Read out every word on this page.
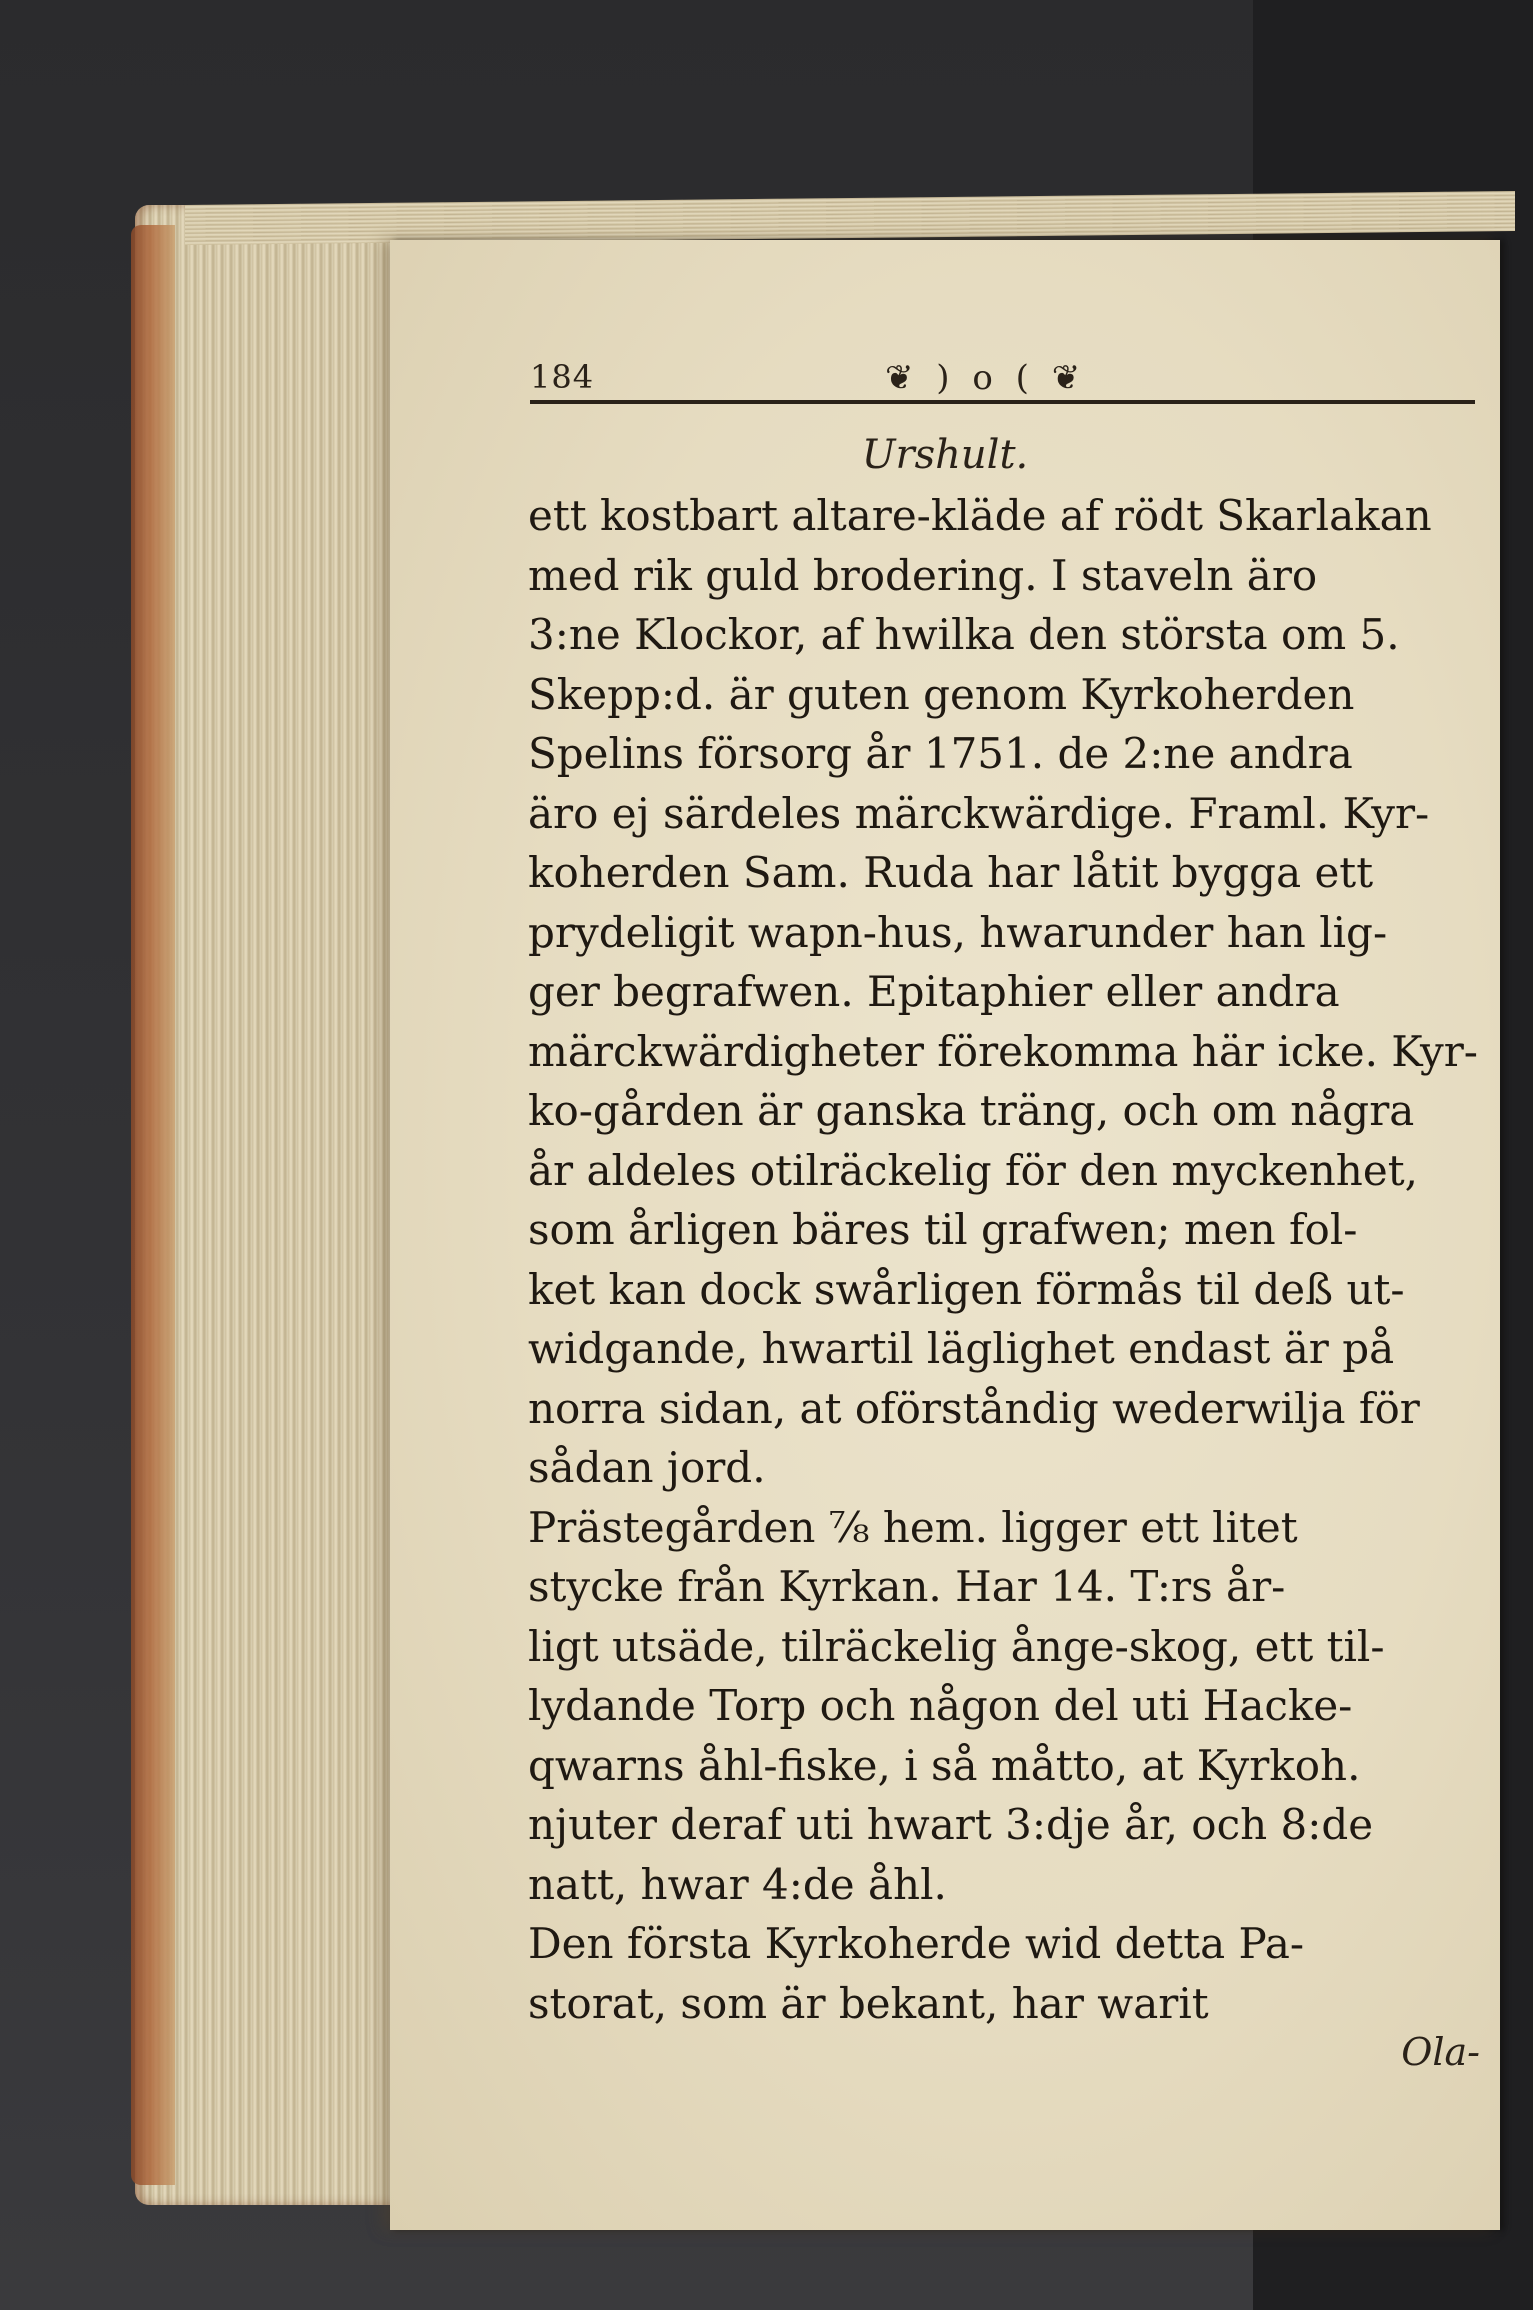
184	❦ ) o ( ❦
Urshult.
ett kostbart altare-kläde af rödt Skarlakan
med rik guld brodering. I staveln äro
3:ne Klockor, af hwilka den största om 5.
Skepp:d. är guten genom Kyrkoherden
Spelins försorg år 1751. de 2:ne andra
äro ej särdeles märckwärdige. Framl. Kyr-
koherden Sam. Ruda har låtit bygga ett
prydeligit wapn-hus, hwarunder han lig-
ger begrafwen. Epitaphier eller andra
märckwärdigheter förekomma här icke. Kyr-
ko-gården är ganska träng, och om några
år aldeles otilräckelig för den myckenhet,
som årligen bäres til grafwen; men fol-
ket kan dock swårligen förmås til deß ut-
widgande, hwartil läglighet endast är på
norra sidan, at oförståndig wederwilja för
sådan jord.
Prästegården ⅞ hem. ligger ett litet
stycke från Kyrkan. Har 14. T:rs år-
ligt utsäde, tilräckelig ånge-skog, ett til-
lydande Torp och någon del uti Hacke-
qwarns åhl-fiske, i så måtto, at Kyrkoh.
njuter deraf uti hwart 3:dje år, och 8:de
natt, hwar 4:de åhl.
Den första Kyrkoherde wid detta Pa-
storat, som är bekant, har warit
Ola-
